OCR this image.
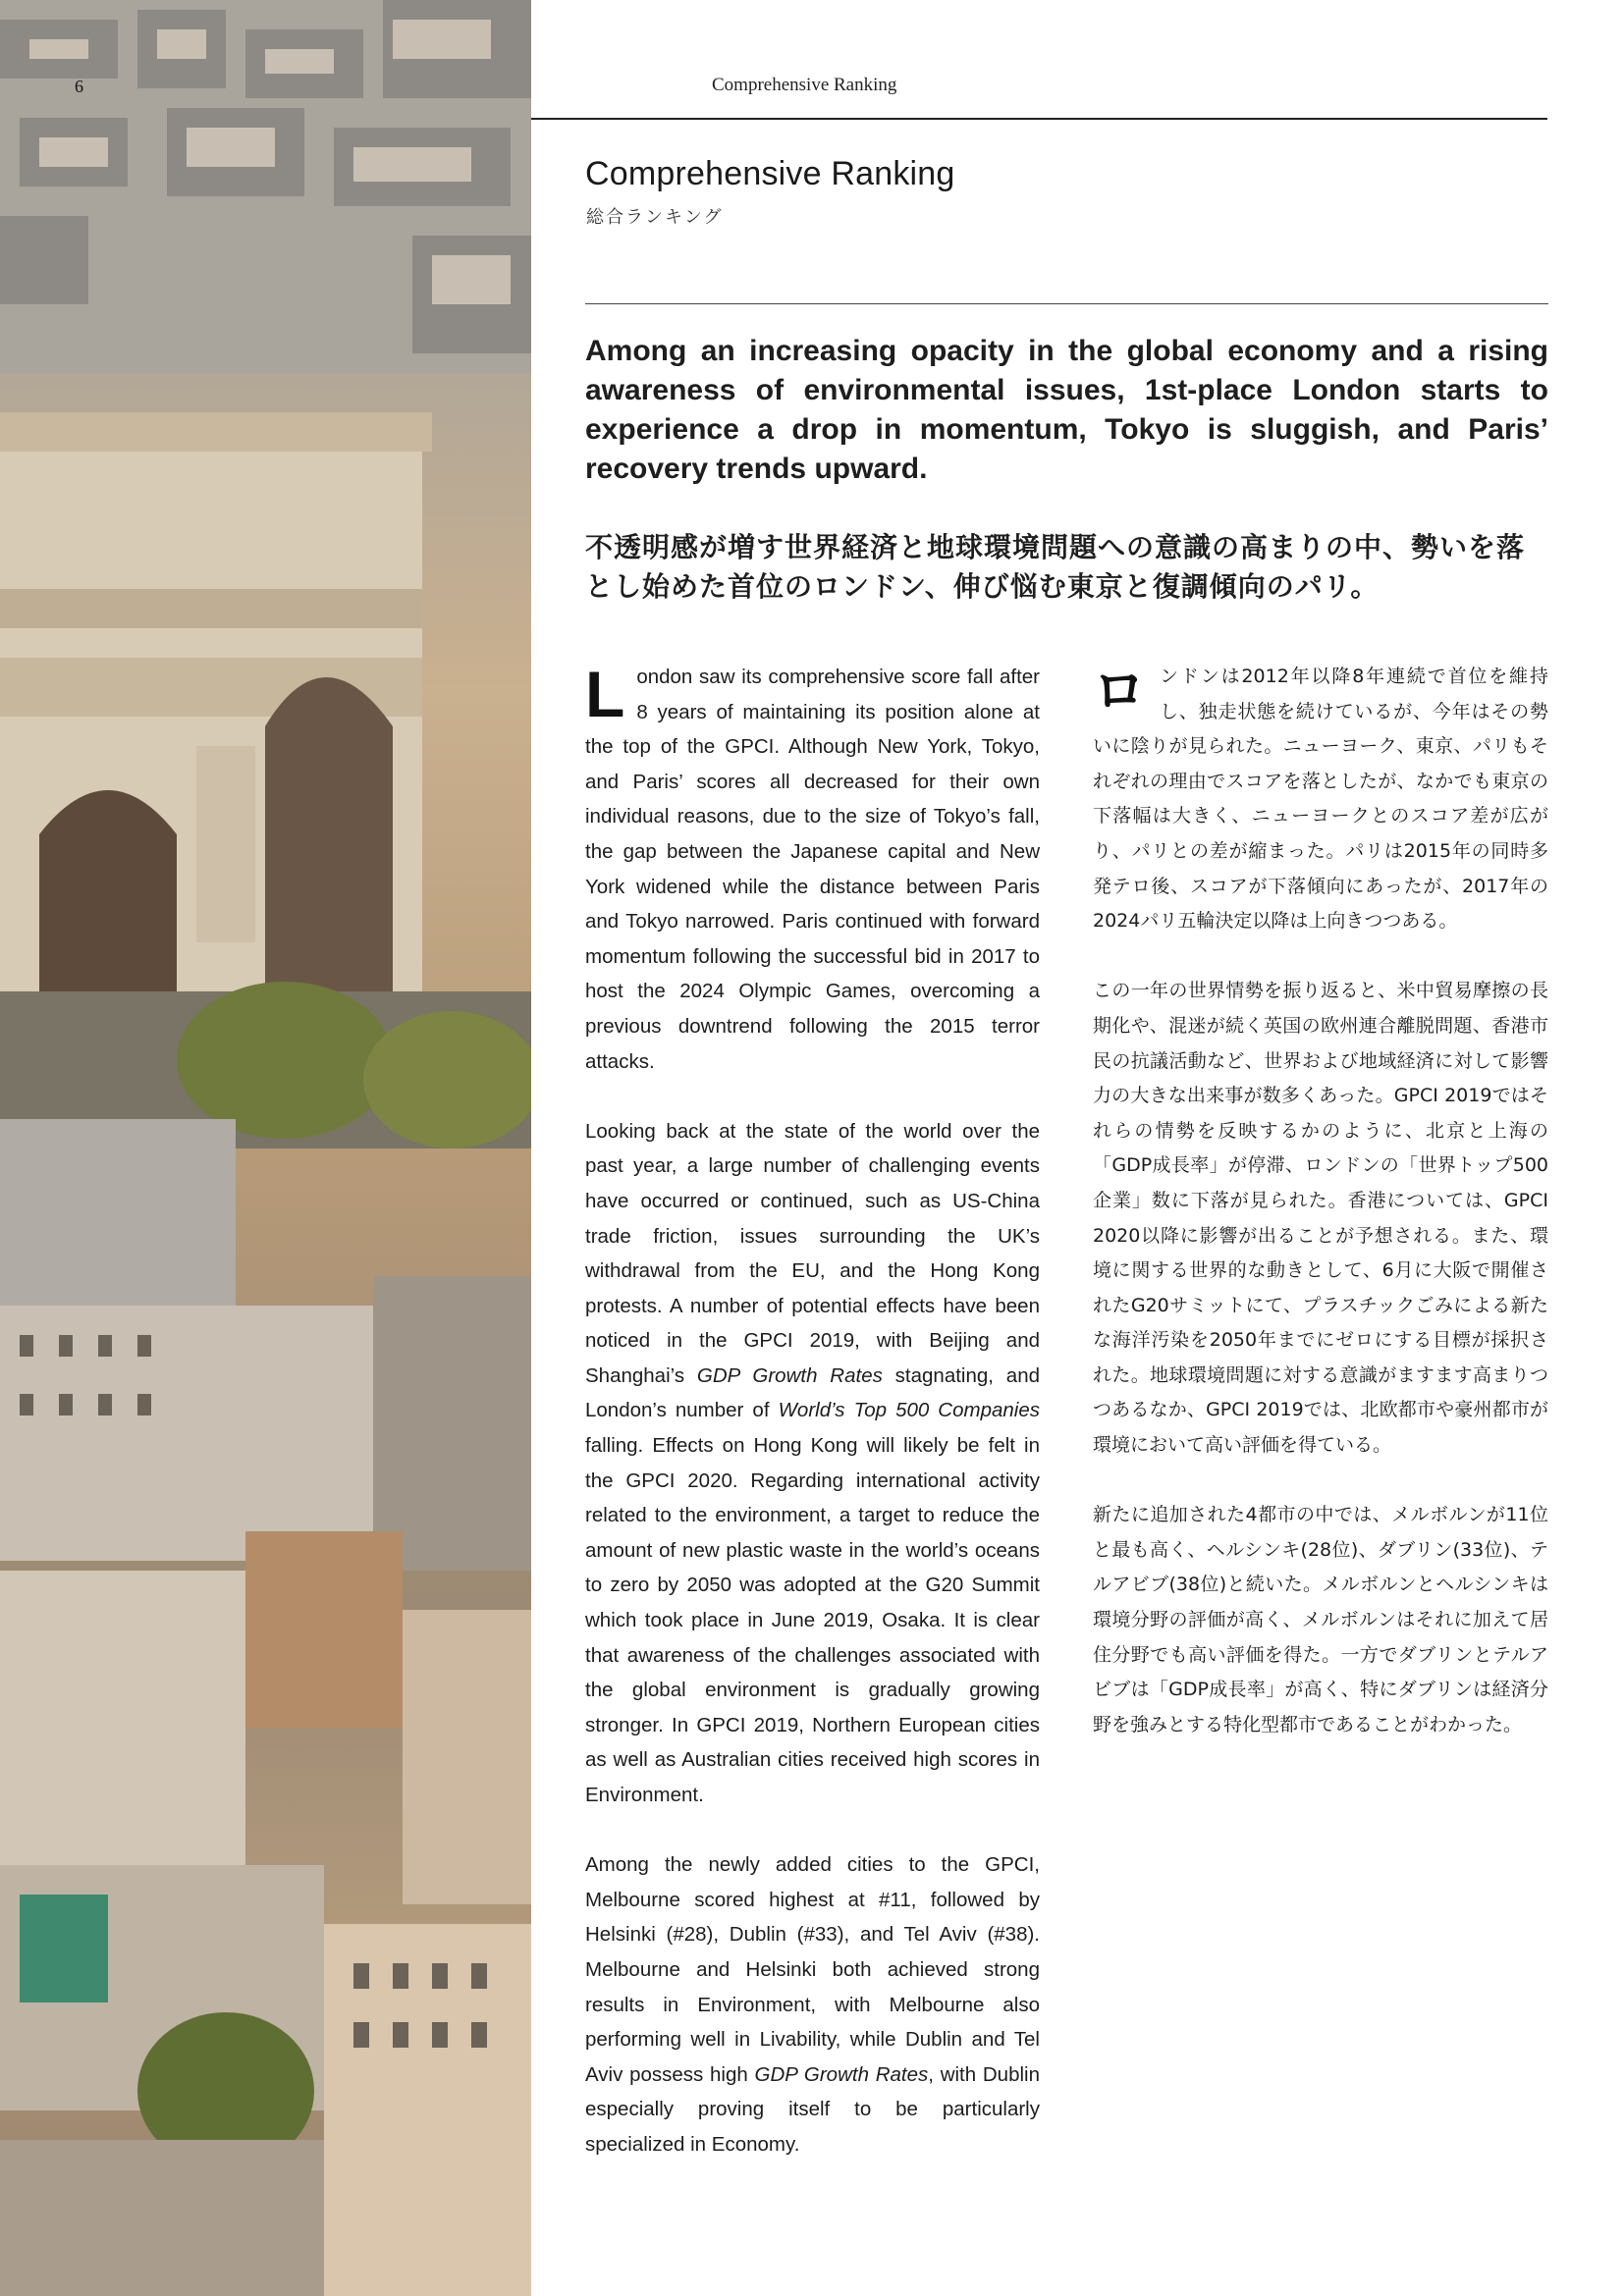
6	Comprehensive Ranking
Comprehensive Ranking
総合ランキング

Among an increasing opacity in the global economy and a rising awareness of environmental issues, 1st-place London starts to experience a drop in momentum, Tokyo is sluggish, and Paris’ recovery trends upward.

不透明感が増す世界経済と地球環境問題への意識の高まりの中、勢いを落とし始めた首位のロンドン、伸び悩む東京と復調傾向のパリ。

London saw its comprehensive score fall after 8 years of maintaining its position alone at the top of the GPCI. Although New York, Tokyo, and Paris’ scores all decreased for their own individual reasons, due to the size of Tokyo’s fall, the gap between the Japanese capital and New York widened while the distance between Paris and Tokyo narrowed. Paris continued with forward momentum following the successful bid in 2017 to host the 2024 Olympic Games, overcoming a previous downtrend following the 2015 terror attacks.

Looking back at the state of the world over the past year, a large number of challenging events have occurred or continued, such as US-China trade friction, issues surrounding the UK’s withdrawal from the EU, and the Hong Kong protests. A number of potential effects have been noticed in the GPCI 2019, with Beijing and Shanghai’s GDP Growth Rates stagnating, and London’s number of World’s Top 500 Companies falling. Effects on Hong Kong will likely be felt in the GPCI 2020. Regarding international activity related to the environment, a target to reduce the amount of new plastic waste in the world’s oceans to zero by 2050 was adopted at the G20 Summit which took place in June 2019, Osaka. It is clear that awareness of the challenges associated with the global environment is gradually growing stronger. In GPCI 2019, Northern European cities as well as Australian cities received high scores in Environment.

Among the newly added cities to the GPCI, Melbourne scored highest at #11, followed by Helsinki (#28), Dublin (#33), and Tel Aviv (#38). Melbourne and Helsinki both achieved strong results in Environment, with Melbourne also performing well in Livability, while Dublin and Tel Aviv possess high GDP Growth Rates, with Dublin especially proving itself to be particularly specialized in Economy.

ロンドンは2012年以降8年連続で首位を維持し、独走状態を続けているが、今年はその勢いに陰りが見られた。ニューヨーク、東京、パリもそれぞれの理由でスコアを落としたが、なかでも東京の下落幅は大きく、ニューヨークとのスコア差が広がり、パリとの差が縮まった。パリは2015年の同時多発テロ後、スコアが下落傾向にあったが、2017年の2024パリ五輪決定以降は上向きつつある。

この一年の世界情勢を振り返ると、米中貿易摩擦の長期化や、混迷が続く英国の欧州連合離脱問題、香港市民の抗議活動など、世界および地域経済に対して影響力の大きな出来事が数多くあった。GPCI 2019ではそれらの情勢を反映するかのように、北京と上海の「GDP成長率」が停滞、ロンドンの「世界トップ500企業」数に下落が見られた。香港については、GPCI 2020以降に影響が出ることが予想される。また、環境に関する世界的な動きとして、6月に大阪で開催されたG20サミットにて、プラスチックごみによる新たな海洋汚染を2050年までにゼロにする目標が採択された。地球環境問題に対する意識がますます高まりつつあるなか、GPCI 2019では、北欧都市や豪州都市が環境において高い評価を得ている。

新たに追加された4都市の中では、メルボルンが11位と最も高く、ヘルシンキ(28位)、ダブリン(33位)、テルアビブ(38位)と続いた。メルボルンとヘルシンキは環境分野の評価が高く、メルボルンはそれに加えて居住分野でも高い評価を得た。一方でダブリンとテルアビブは「GDP成長率」が高く、特にダブリンは経済分野を強みとする特化型都市であることがわかった。
